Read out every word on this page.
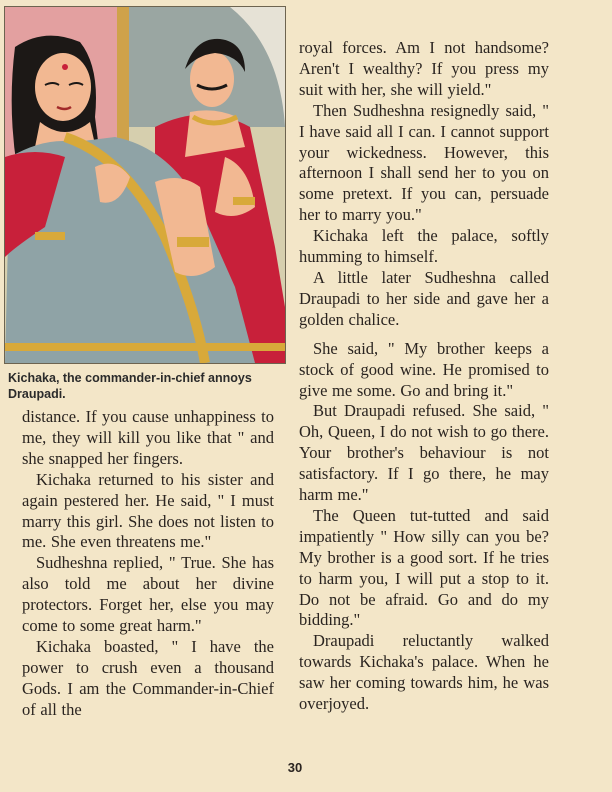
Kichaka, the commander-in-chief annoys Draupadi.

distance. If you cause unhappiness to me, they will kill you like that " and she snapped her fingers.

Kichaka returned to his sister and again pestered her. He said, " I must marry this girl. She does not listen to me. She even threatens me."

Sudheshna replied, " True. She has also told me about her divine protectors. Forget her, else you may come to some great harm."

Kichaka boasted, " I have the power to crush even a thousand Gods. I am the Commander-in-Chief of all the

royal forces. Am I not handsome? Aren't I wealthy? If you press my suit with her, she will yield."

Then Sudheshna resignedly said, " I have said all I can. I cannot support your wickedness. However, this afternoon I shall send her to you on some pretext. If you can, persuade her to marry you."

Kichaka left the palace, softly humming to himself.

A little later Sudheshna called Draupadi to her side and gave her a golden chalice.

She said, " My brother keeps a stock of good wine. He promised to give me some. Go and bring it."

But Draupadi refused. She said, " Oh, Queen, I do not wish to go there. Your brother's behaviour is not satisfactory. If I go there, he may harm me."

The Queen tut-tutted and said impatiently " How silly can you be? My brother is a good sort. If he tries to harm you, I will put a stop to it. Do not be afraid. Go and do my bidding."

Draupadi reluctantly walked towards Kichaka's palace. When he saw her coming towards him, he was overjoyed.

30
